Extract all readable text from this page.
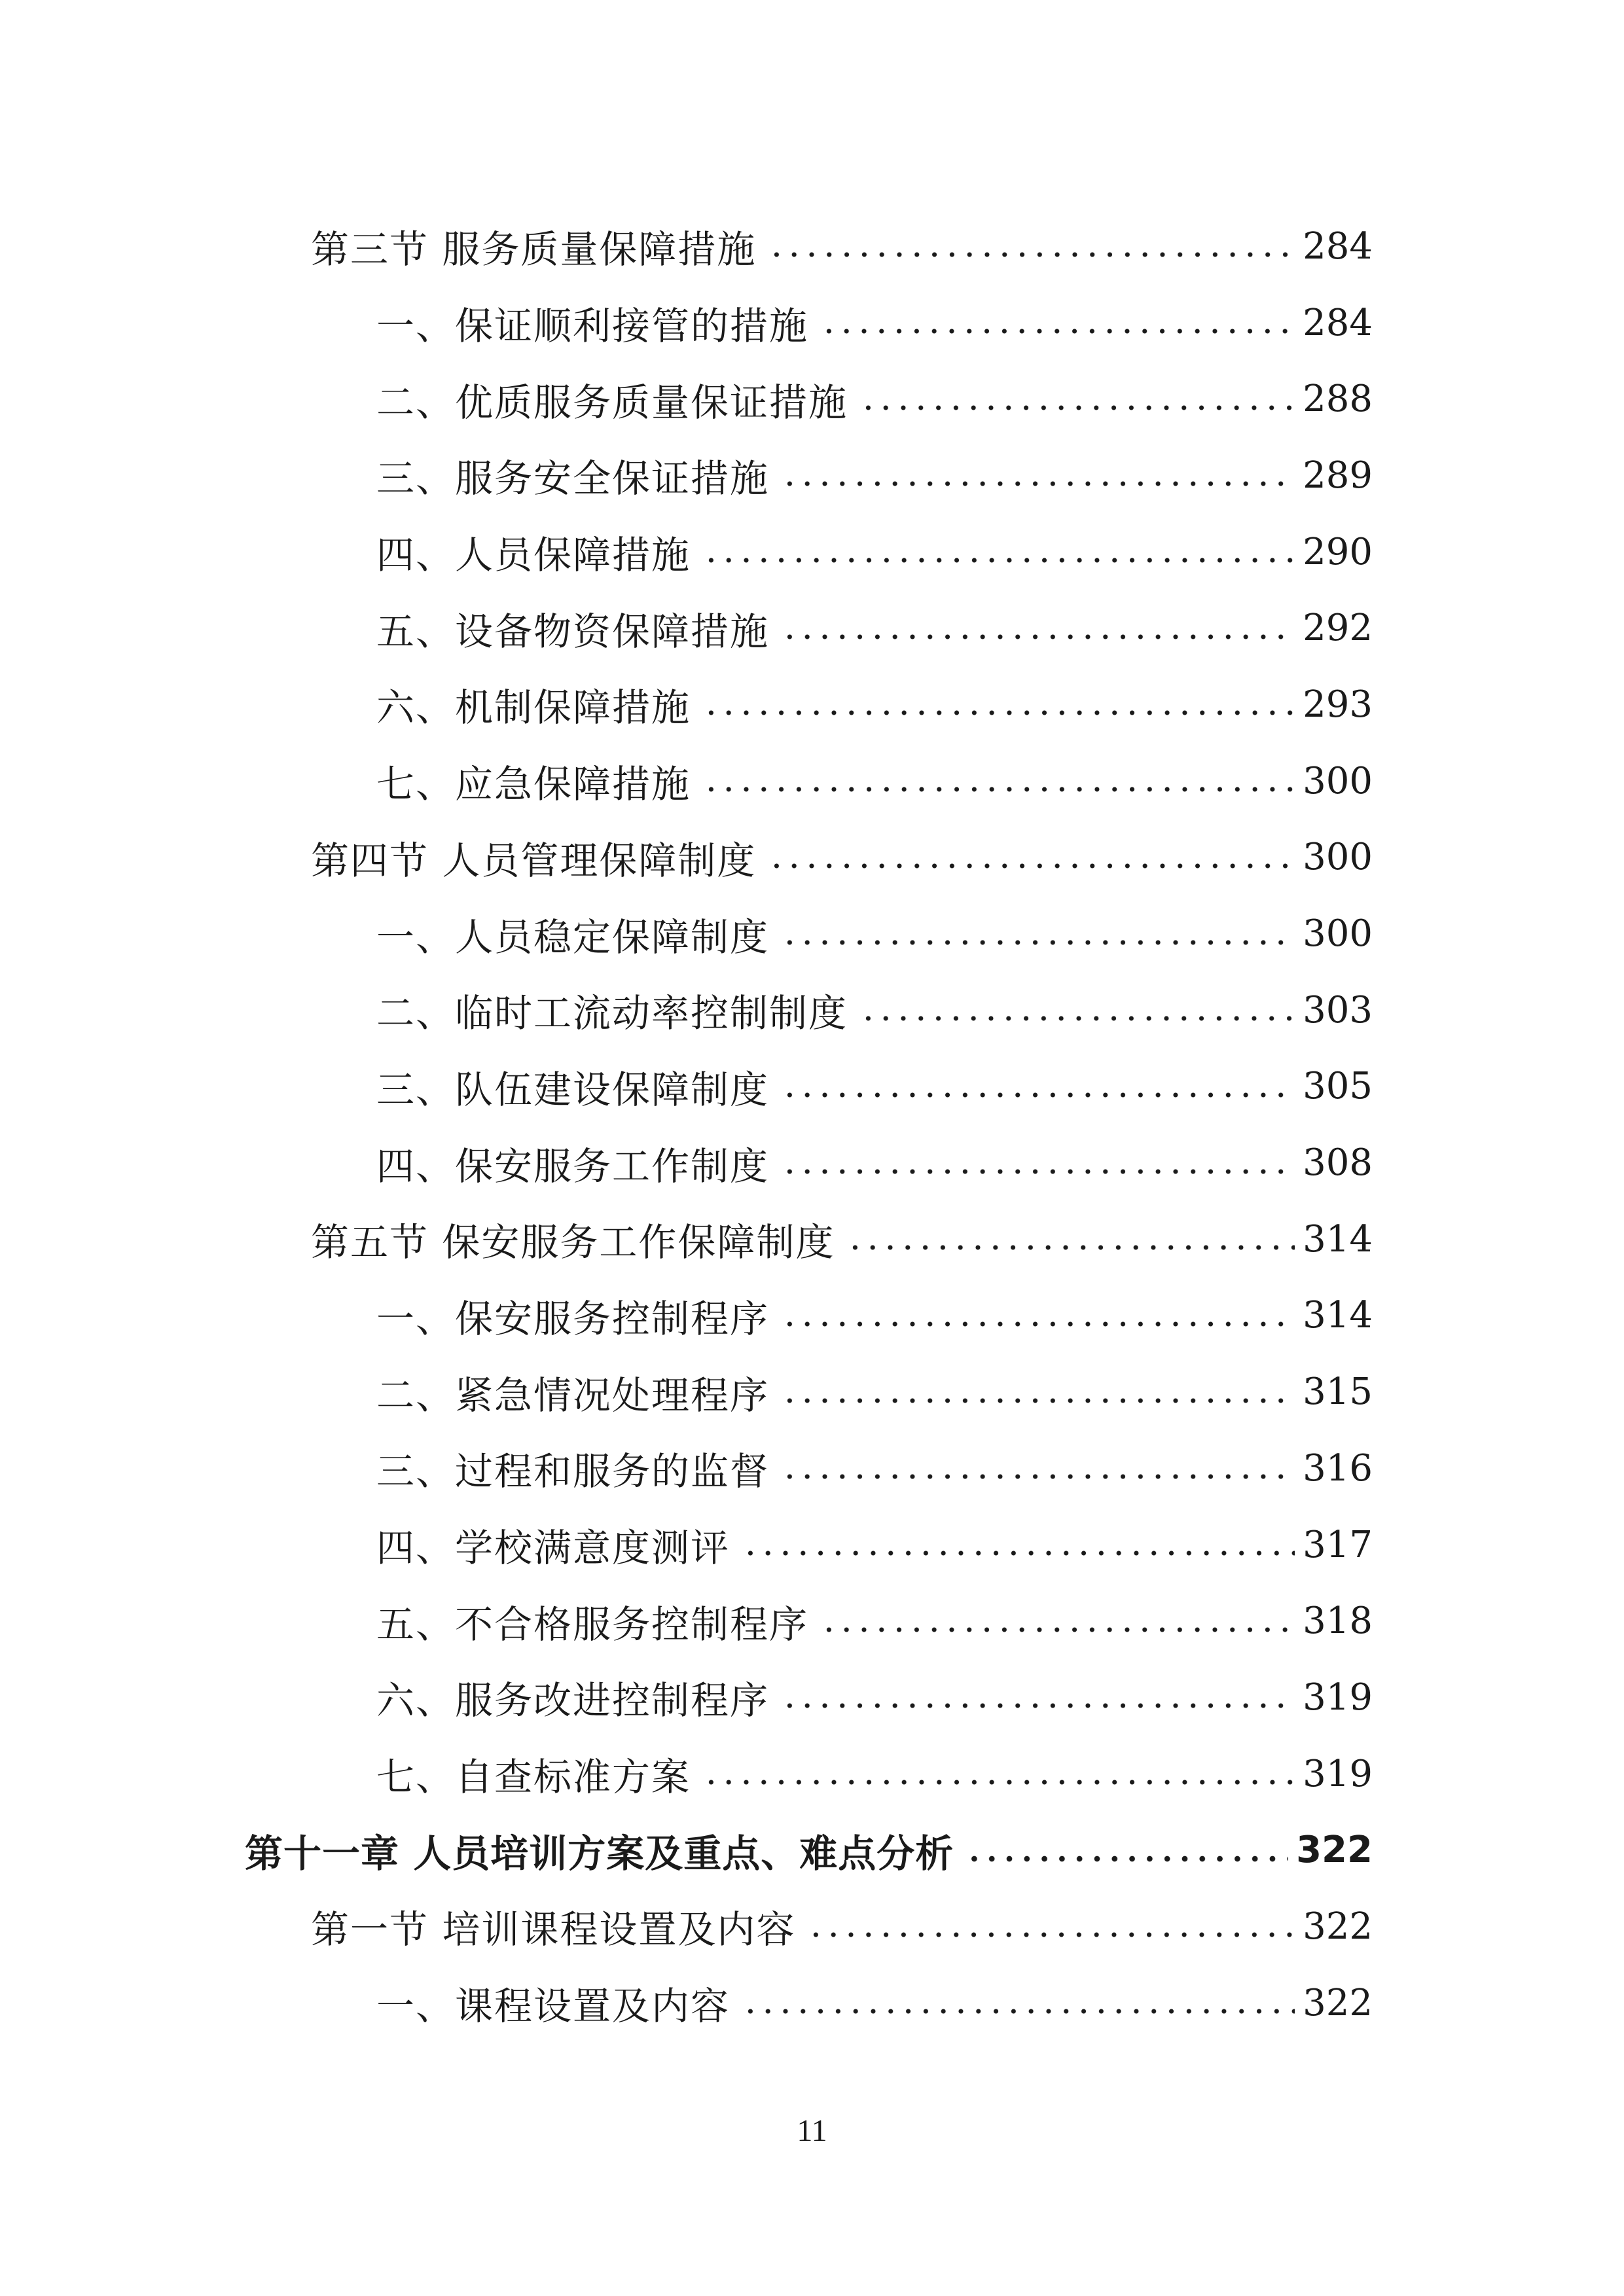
第三节 服务质量保障措施	284
一、保证顺利接管的措施	284
二、优质服务质量保证措施	288
三、服务安全保证措施	289
四、人员保障措施	290
五、设备物资保障措施	292
六、机制保障措施	293
七、应急保障措施	300
第四节 人员管理保障制度	300
一、人员稳定保障制度	300
二、临时工流动率控制制度	303
三、队伍建设保障制度	305
四、保安服务工作制度	308
第五节 保安服务工作保障制度	314
一、保安服务控制程序	314
二、紧急情况处理程序	315
三、过程和服务的监督	316
四、学校满意度测评	317
五、不合格服务控制程序	318
六、服务改进控制程序	319
七、自查标准方案	319
第十一章 人员培训方案及重点、难点分析	322
第一节 培训课程设置及内容	322
一、课程设置及内容	322
11
